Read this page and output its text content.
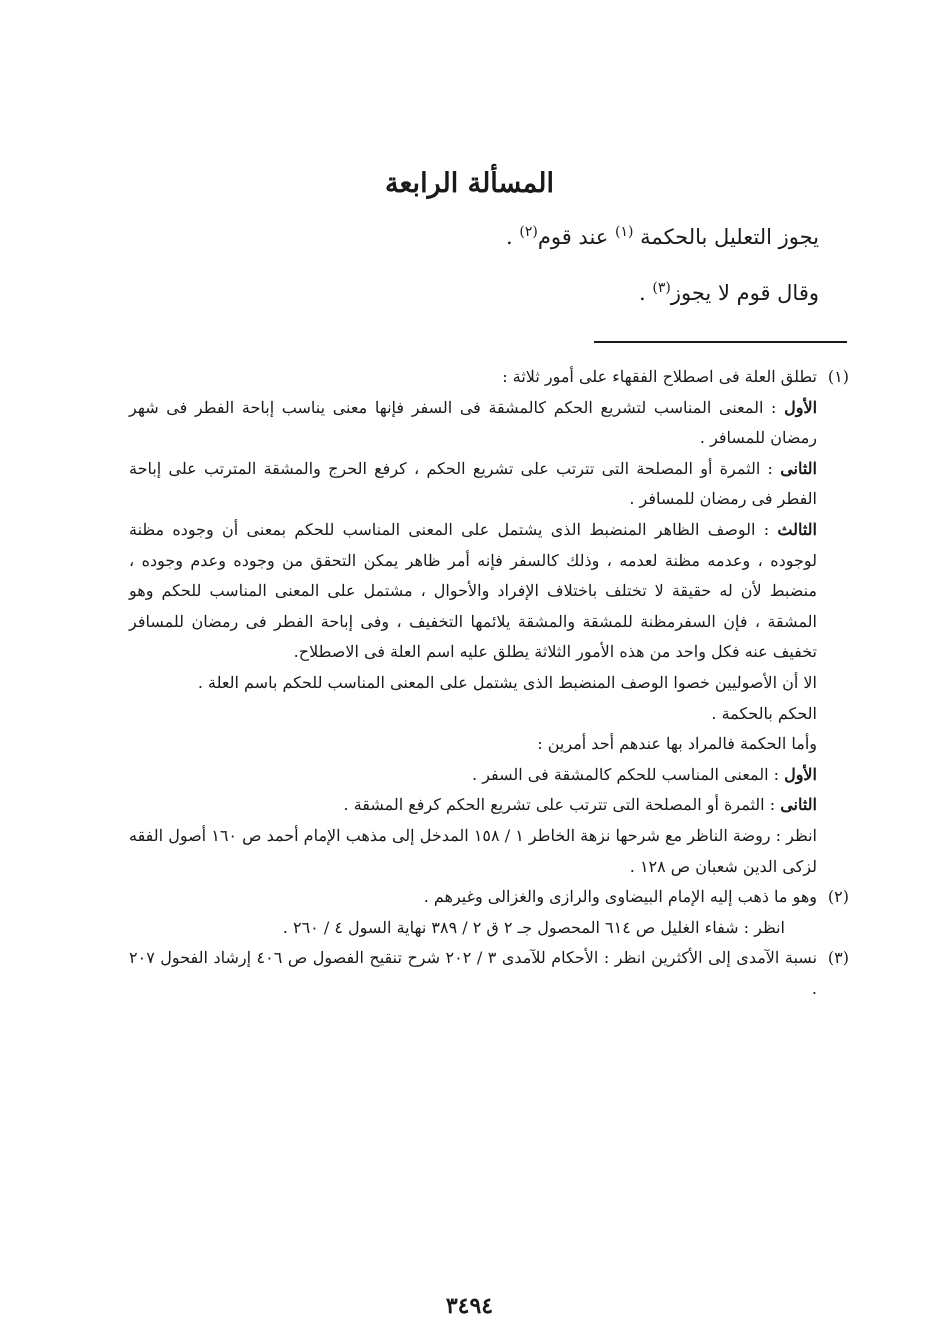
المسألة الرابعة
يجوز التعليل بالحكمة $^{(١)}$ عند قوم$^{(٢)}$ .
وقال قوم لا يجوز$^{(٣)}$ .

(١)
تطلق العلة فى اصطلاح الفقهاء على أمور ثلاثة :

الأول : المعنى المناسب لتشريع الحكم كالمشقة فى السفر فإنها معنى يناسب إباحة الفطر فى شهر رمضان للمسافر .

الثانى : الثمرة أو المصلحة التى تترتب على تشريع الحكم ، كرفع الحرج والمشقة المترتب على إباحة الفطر فى رمضان للمسافر .

الثالث : الوصف الظاهر المنضبط الذى يشتمل على المعنى المناسب للحكم بمعنى أن وجوده مظنة لوجوده ، وعدمه مظنة لعدمه ، وذلك كالسفر فإنه أمر ظاهر يمكن التحقق من وجوده وعدم وجوده ، منضبط لأن له حقيقة لا تختلف باختلاف الإفراد والأحوال ، مشتمل على المعنى المناسب للحكم وهو المشقة ، فإن السفرمظنة للمشقة والمشقة يلائمها التخفيف ، وفى إباحة الفطر فى رمضان للمسافر تخفيف عنه فكل واحد من هذه الأمور الثلاثة يطلق عليه اسم العلة فى الاصطلاح.

الا أن الأصوليين خصوا الوصف المنضبط الذى يشتمل على المعنى المناسب للحكم باسم العلة .

الحكم بالحكمة .

وأما الحكمة فالمراد بها عندهم أحد أمرين :

الأول : المعنى المناسب للحكم كالمشقة فى السفر .

الثانى : الثمرة أو المصلحة التى تترتب على تشريع الحكم كرفع المشقة .

انظر : روضة الناظر مع شرحها نزهة الخاطر ١ / ١٥٨ المدخل إلى مذهب الإمام أحمد ص ١٦٠ أصول الفقه لزكى الدين شعبان ص ١٢٨ .

(٢)
وهو ما ذهب إليه الإمام البيضاوى والرازى والغزالى وغيرهم .

انظر : شفاء الغليل ص ٦١٤ المحصول جـ ٢ ق ٢ / ٣٨٩ نهاية السول ٤ / ٢٦٠ .

(٣)
نسبة الآمدى إلى الأكثرين انظر : الأحكام للآمدى ٣ / ٢٠٢ شرح تنقيح الفصول ص ٤٠٦ إرشاد الفحول ٢٠٧ .

٣٤٩٤
